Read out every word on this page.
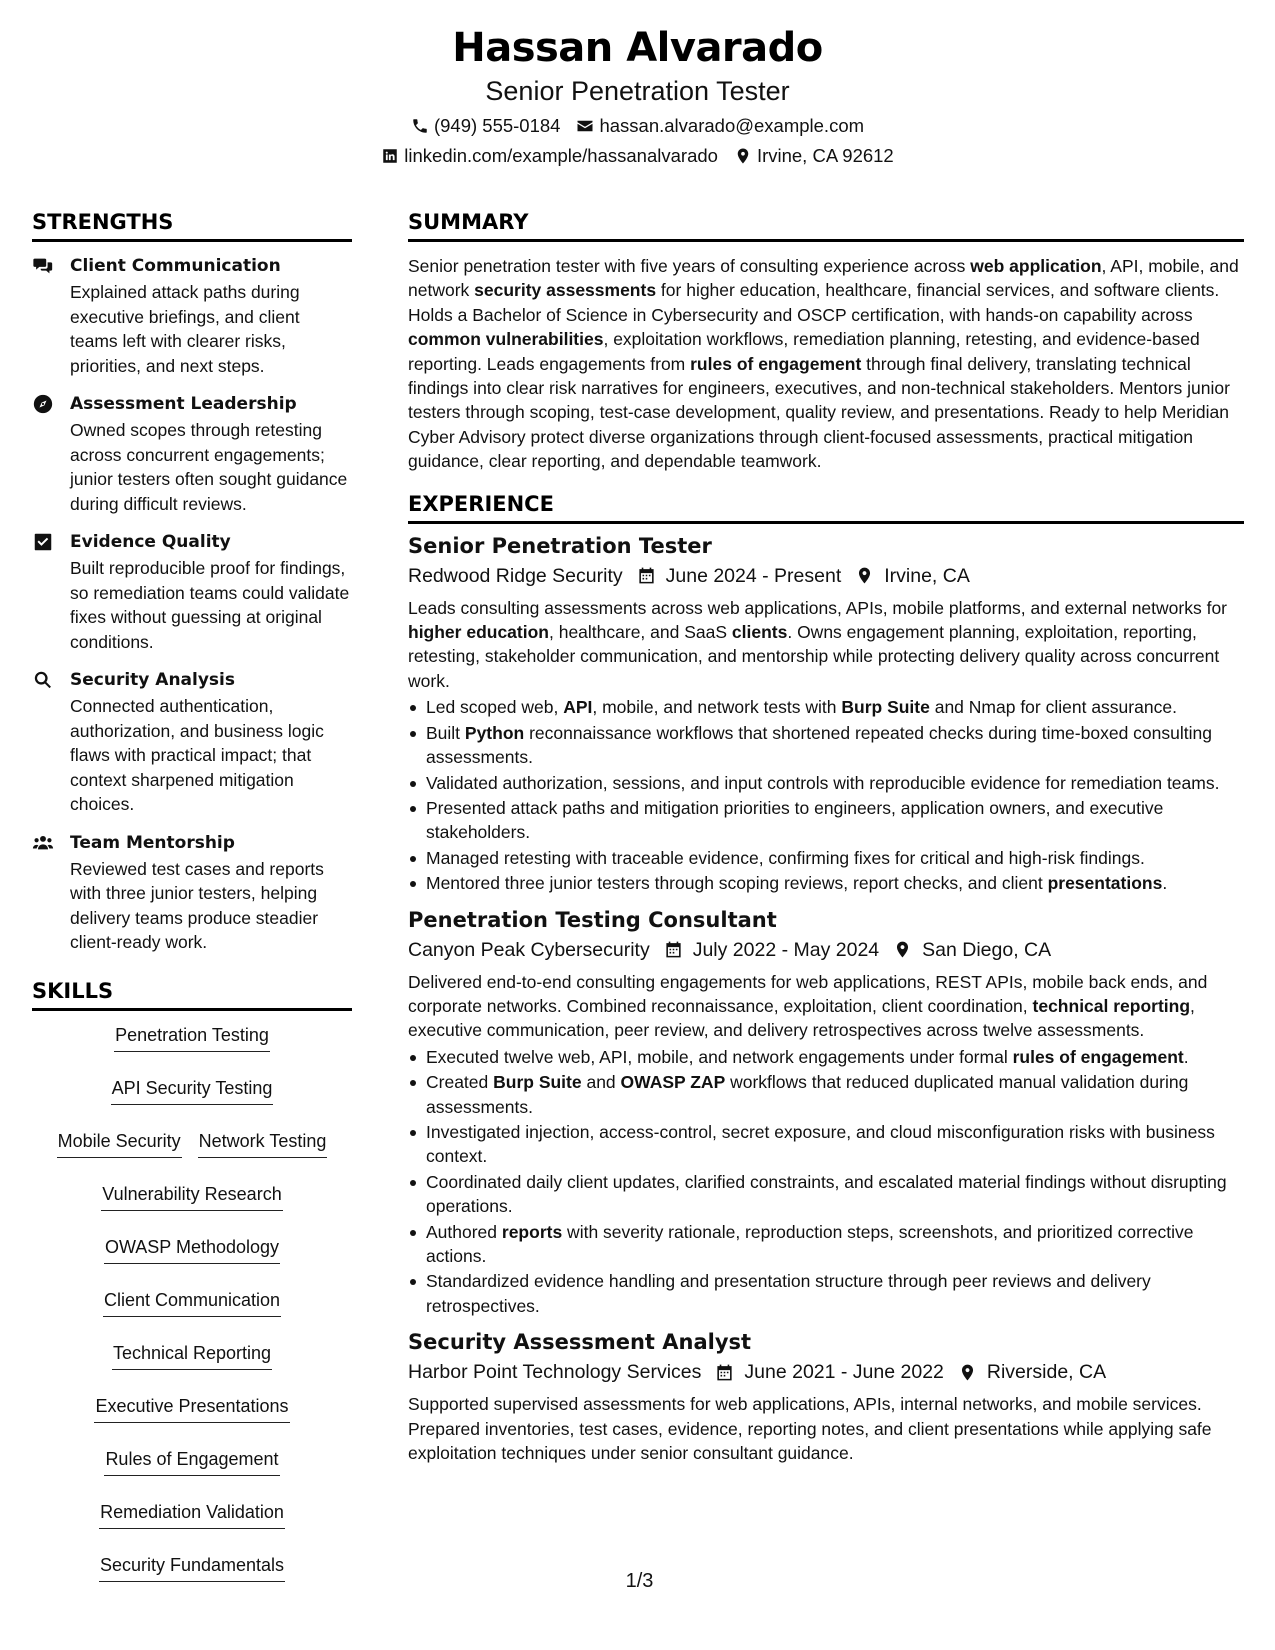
Hassan Alvarado
Senior Penetration Tester
(949) 555-0184 hassan.alvarado@example.com
linkedin.com/example/hassanalvarado Irvine, CA 92612
STRENGTHS
Client Communication
Explained attack paths during executive briefings, and client teams left with clearer risks, priorities, and next steps.
Assessment Leadership
Owned scopes through retesting across concurrent engagements; junior testers often sought guidance during difficult reviews.
Evidence Quality
Built reproducible proof for findings, so remediation teams could validate fixes without guessing at original conditions.
Security Analysis
Connected authentication, authorization, and business logic flaws with practical impact; that context sharpened mitigation choices.
Team Mentorship
Reviewed test cases and reports with three junior testers, helping delivery teams produce steadier client-ready work.
SKILLS
Penetration Testing
API Security Testing
Mobile Security Network Testing
Vulnerability Research
OWASP Methodology
Client Communication
Technical Reporting
Executive Presentations
Rules of Engagement
Remediation Validation
Security Fundamentals
SUMMARY
Senior penetration tester with five years of consulting experience across web application, API, mobile, and network security assessments for higher education, healthcare, financial services, and software clients. Holds a Bachelor of Science in Cybersecurity and OSCP certification, with hands-on capability across common vulnerabilities, exploitation workflows, remediation planning, retesting, and evidence-based reporting. Leads engagements from rules of engagement through final delivery, translating technical findings into clear risk narratives for engineers, executives, and non-technical stakeholders. Mentors junior testers through scoping, test-case development, quality review, and presentations. Ready to help Meridian Cyber Advisory protect diverse organizations through client-focused assessments, practical mitigation guidance, clear reporting, and dependable teamwork.
EXPERIENCE
Senior Penetration Tester
Redwood Ridge Security June 2024 - Present Irvine, CA
Leads consulting assessments across web applications, APIs, mobile platforms, and external networks for higher education, healthcare, and SaaS clients. Owns engagement planning, exploitation, reporting, retesting, stakeholder communication, and mentorship while protecting delivery quality across concurrent work.
Led scoped web, API, mobile, and network tests with Burp Suite and Nmap for client assurance.
Built Python reconnaissance workflows that shortened repeated checks during time-boxed consulting assessments.
Validated authorization, sessions, and input controls with reproducible evidence for remediation teams.
Presented attack paths and mitigation priorities to engineers, application owners, and executive stakeholders.
Managed retesting with traceable evidence, confirming fixes for critical and high-risk findings.
Mentored three junior testers through scoping reviews, report checks, and client presentations.
Penetration Testing Consultant
Canyon Peak Cybersecurity July 2022 - May 2024 San Diego, CA
Delivered end-to-end consulting engagements for web applications, REST APIs, mobile back ends, and corporate networks. Combined reconnaissance, exploitation, client coordination, technical reporting, executive communication, peer review, and delivery retrospectives across twelve assessments.
Executed twelve web, API, mobile, and network engagements under formal rules of engagement.
Created Burp Suite and OWASP ZAP workflows that reduced duplicated manual validation during assessments.
Investigated injection, access-control, secret exposure, and cloud misconfiguration risks with business context.
Coordinated daily client updates, clarified constraints, and escalated material findings without disrupting operations.
Authored reports with severity rationale, reproduction steps, screenshots, and prioritized corrective actions.
Standardized evidence handling and presentation structure through peer reviews and delivery retrospectives.
Security Assessment Analyst
Harbor Point Technology Services June 2021 - June 2022 Riverside, CA
Supported supervised assessments for web applications, APIs, internal networks, and mobile services. Prepared inventories, test cases, evidence, reporting notes, and client presentations while applying safe exploitation techniques under senior consultant guidance.
1/3
